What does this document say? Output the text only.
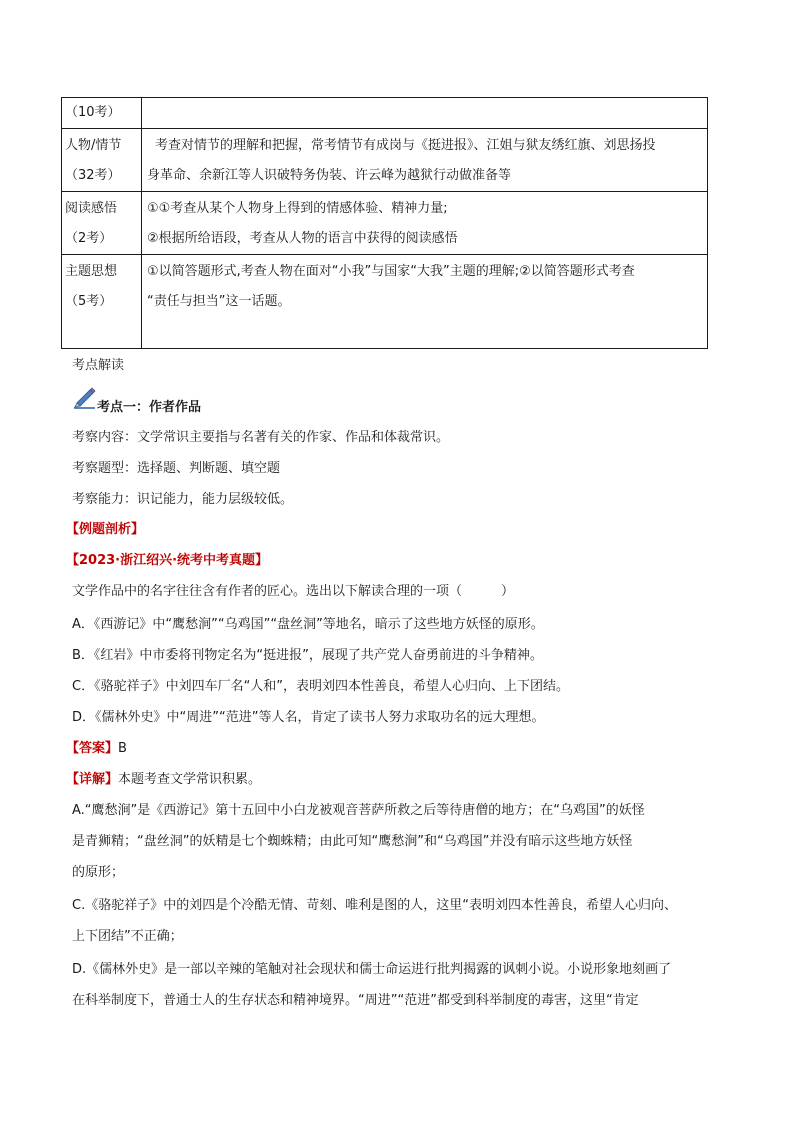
（10考）	

人物/情节
（32考）	考查对情节的理解和把握，常考情节有成岗与《挺进报》、江姐与狱友绣红旗、刘思扬投
身革命、余新江等人识破特务伪装、许云峰为越狱行动做准备等

阅读感悟
（2考）	①①考查从某个人物身上得到的情感体验、精神力量;
②根据所给语段，考查从人物的语言中获得的阅读感悟

主题思想
（5考）	①以简答题形式,考查人物在面对“小我”与国家“大我”主题的理解;②以简答题形式考查
“责任与担当”这一话题。
考点解读
考点一：作者作品
考察内容：文学常识主要指与名著有关的作家、作品和体裁常识。
考察题型：选择题、判断题、填空题
考察能力：识记能力，能力层级较低。
【例题剖析】
【2023·浙江绍兴·统考中考真题】
文学作品中的名字往往含有作者的匠心。选出以下解读合理的一项（　　　）
A．《西游记》中“鹰愁涧”“乌鸡国”“盘丝洞”等地名，暗示了这些地方妖怪的原形。
B．《红岩》中市委将刊物定名为“挺进报”，展现了共产党人奋勇前进的斗争精神。
C．《骆驼祥子》中刘四车厂名“人和”，表明刘四本性善良，希望人心归向、上下团结。
D．《儒林外史》中“周进”“范进”等人名，肯定了读书人努力求取功名的远大理想。
【答案】B
【详解】本题考查文学常识积累。
A.“鹰愁涧”是《西游记》第十五回中小白龙被观音菩萨所救之后等待唐僧的地方；在“乌鸡国”的妖怪
是青狮精；“盘丝洞”的妖精是七个蜘蛛精；由此可知“鹰愁涧”和“乌鸡国”并没有暗示这些地方妖怪
的原形；
C.《骆驼祥子》中的刘四是个冷酷无情、苛刻、唯利是图的人，这里“表明刘四本性善良，希望人心归向、
上下团结”不正确；
D.《儒林外史》是一部以辛辣的笔触对社会现状和儒士命运进行批判揭露的讽刺小说。小说形象地刻画了
在科举制度下，普通士人的生存状态和精神境界。“周进”“范进”都受到科举制度的毒害，这里“肯定
